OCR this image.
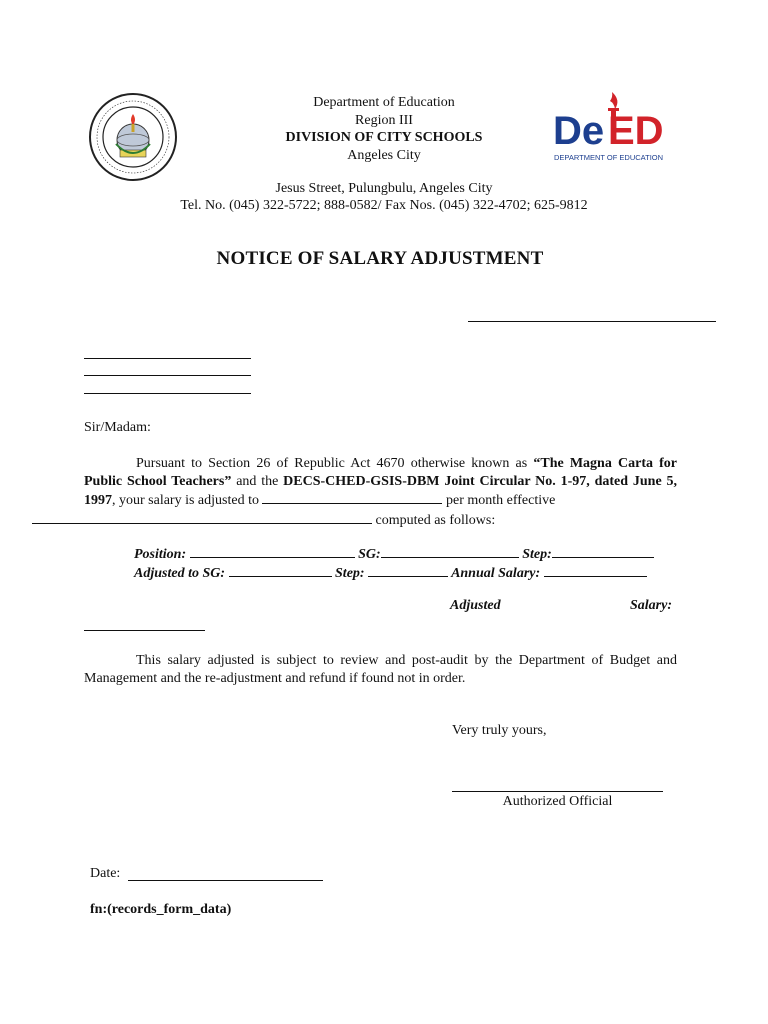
De ED
DEPARTMENT OF EDUCATION
Department of Education
Region III
DIVISION OF CITY SCHOOLS
Angeles City
Jesus Street, Pulungbulu, Angeles City
Tel. No. (045) 322-5722; 888-0582/ Fax Nos. (045) 322-4702; 625-9812
NOTICE OF SALARY ADJUSTMENT
Sir/Madam:
Pursuant to Section 26 of Republic Act 4670 otherwise known as “The Magna Carta for Public School Teachers” and the DECS-CHED-GSIS-DBM Joint Circular No. 1-97, dated June 5, 1997, your salary is adjusted to	per month effective
computed as follows:
Position:	SG:	Step:
Adjusted to SG:	Step:	Annual Salary:
Adjusted	Salary:
This salary adjusted is subject to review and post-audit by the Department of Budget and Management and the re-adjustment and refund if found not in order.
Very truly yours,
Authorized Official
Date:
fn:(records_form_data)
